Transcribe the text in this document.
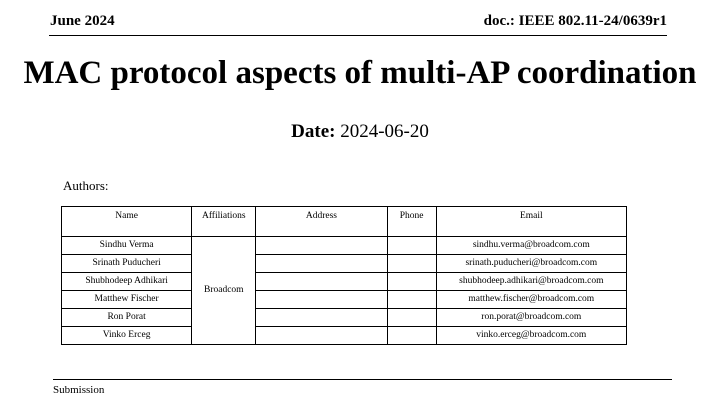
June 2024	doc.: IEEE 802.11-24/0639r1
MAC protocol aspects of multi-AP coordination
Date: 2024-06-20
Authors:
Name	Affiliations	Address	Phone	Email
Sindhu Verma	Broadcom			sindhu.verma@broadcom.com
Srinath Puducheri				srinath.puducheri@broadcom.com
Shubhodeep Adhikari				shubhodeep.adhikari@broadcom.com
Matthew Fischer				matthew.fischer@broadcom.com
Ron Porat				ron.porat@broadcom.com
Vinko Erceg				vinko.erceg@broadcom.com
Submission
